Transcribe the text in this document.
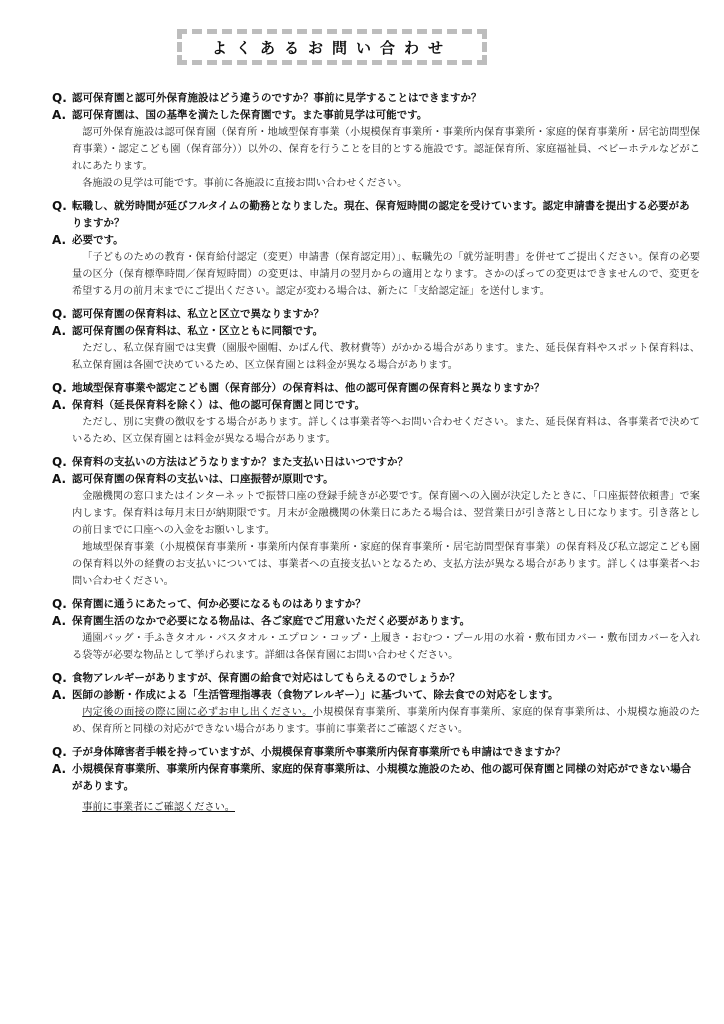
よくあるお問い合わせ
Q. 認可保育園と認可外保育施設はどう違うのですか？事前に見学することはできますか？
A. 認可保育園は、国の基準を満たした保育園です。また事前見学は可能です。

認可外保育施設は認可保育園（保育所・地域型保育事業（小規模保育事業所・事業所内保育事業所・家庭的保育事業所・居宅訪問型保育事業）・認定こども園（保育部分））以外の、保育を行うことを目的とする施設です。認証保育所、家庭福祉員、ベビーホテルなどがこれにあたります。

各施設の見学は可能です。事前に各施設に直接お問い合わせください。

Q. 転職し、就労時間が延びフルタイムの勤務となりました。現在、保育短時間の認定を受けています。認定申請書を提出する必要がありますか？
A. 必要です。

「子どものための教育・保育給付認定（変更）申請書（保育認定用）」、転職先の「就労証明書」を併せてご提出ください。保育の必要量の区分（保育標準時間／保育短時間）の変更は、申請月の翌月からの適用となります。さかのぼっての変更はできませんので、変更を希望する月の前月末までにご提出ください。認定が変わる場合は、新たに「支給認定証」を送付します。

Q. 認可保育園の保育料は、私立と区立で異なりますか？
A. 認可保育園の保育料は、私立・区立ともに同額です。

ただし、私立保育園では実費（園服や園帽、かばん代、教材費等）がかかる場合があります。また、延長保育料やスポット保育料は、私立保育園は各園で決めているため、区立保育園とは料金が異なる場合があります。

Q. 地域型保育事業や認定こども園（保育部分）の保育料は、他の認可保育園の保育料と異なりますか？
A. 保育料（延長保育料を除く）は、他の認可保育園と同じです。

ただし、別に実費の徴収をする場合があります。詳しくは事業者等へお問い合わせください。また、延長保育料は、各事業者で決めているため、区立保育園とは料金が異なる場合があります。

Q. 保育料の支払いの方法はどうなりますか？また支払い日はいつですか？
A. 認可保育園の保育料の支払いは、口座振替が原則です。

金融機関の窓口またはインターネットで振替口座の登録手続きが必要です。保育園への入園が決定したときに、「口座振替依頼書」で案内します。保育料は毎月末日が納期限です。月末が金融機関の休業日にあたる場合は、翌営業日が引き落とし日になります。引き落としの前日までに口座への入金をお願いします。

地域型保育事業（小規模保育事業所・事業所内保育事業所・家庭的保育事業所・居宅訪問型保育事業）の保育料及び私立認定こども園の保育料以外の経費のお支払いについては、事業者への直接支払いとなるため、支払方法が異なる場合があります。詳しくは事業者へお問い合わせください。

Q. 保育園に通うにあたって、何か必要になるものはありますか？
A. 保育園生活のなかで必要になる物品は、各ご家庭でご用意いただく必要があります。

通園バッグ・手ふきタオル・バスタオル・エプロン・コップ・上履き・おむつ・プール用の水着・敷布団カバー・敷布団カバーを入れる袋等が必要な物品として挙げられます。詳細は各保育園にお問い合わせください。

Q. 食物アレルギーがありますが、保育園の給食で対応はしてもらえるのでしょうか？
A. 医師の診断・作成による「生活管理指導表（食物アレルギー）」に基づいて、除去食での対応をします。

内定後の面接の際に園に必ずお申し出ください。小規模保育事業所、事業所内保育事業所、家庭的保育事業所は、小規模な施設のため、保育所と同様の対応ができない場合があります。事前に事業者にご確認ください。

Q. 子が身体障害者手帳を持っていますが、小規模保育事業所や事業所内保育事業所でも申請はできますか？
A. 小規模保育事業所、事業所内保育事業所、家庭的保育事業所は、小規模な施設のため、他の認可保育園と同様の対応ができない場合があります。
事前に事業者にご確認ください。
